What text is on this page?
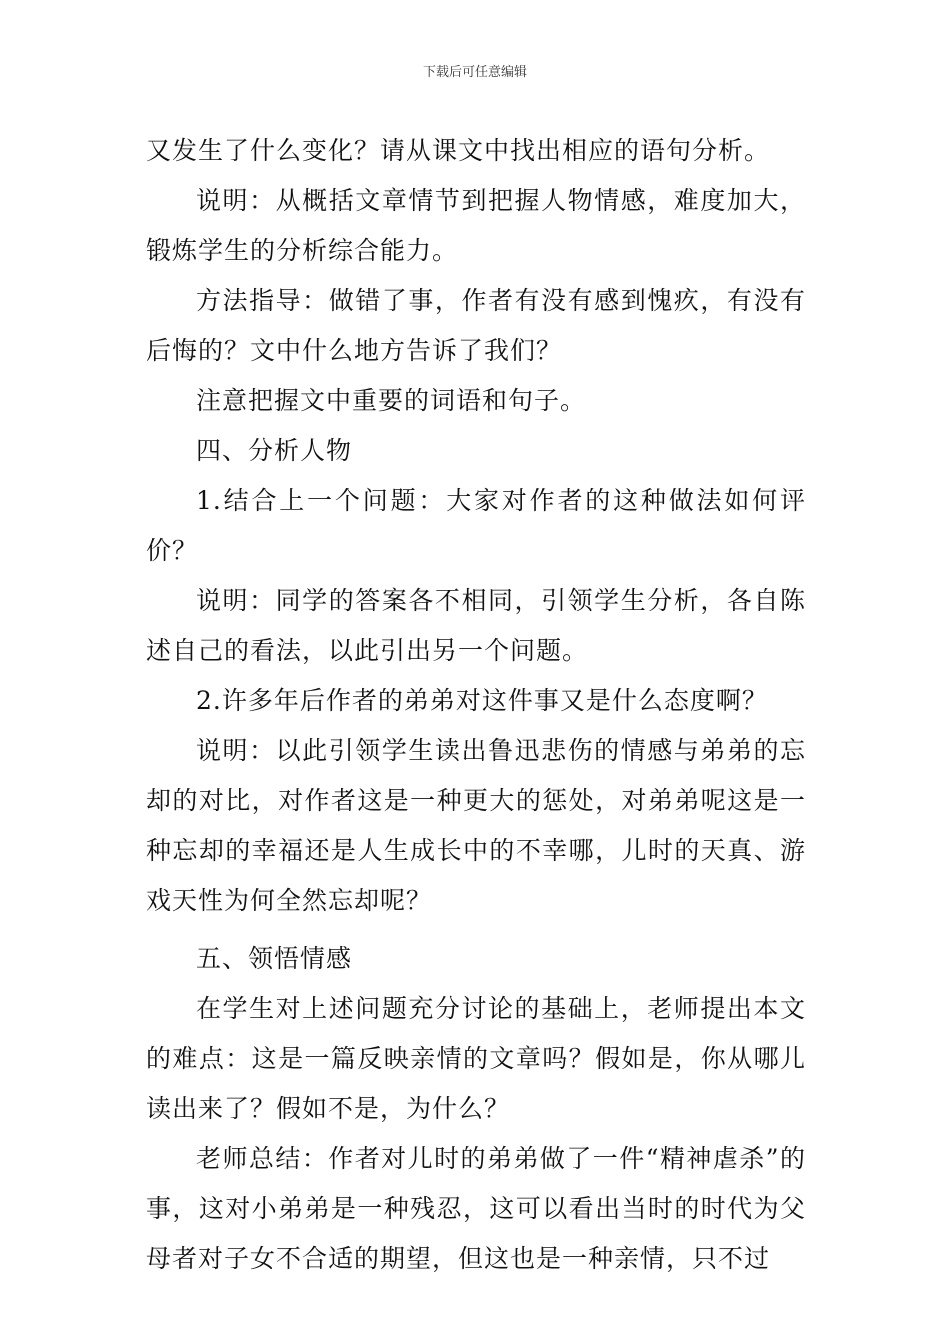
下载后可任意编辑

又发生了什么变化？请从课文中找出相应的语句分析。

说明：从概括文章情节到把握人物情感，难度加大，锻炼学生的分析综合能力。

方法指导：做错了事，作者有没有感到愧疚，有没有后悔的？文中什么地方告诉了我们？

注意把握文中重要的词语和句子。

四、分析人物

1.结合上一个问题：大家对作者的这种做法如何评价？

说明：同学的答案各不相同，引领学生分析，各自陈述自己的看法，以此引出另一个问题。

2.许多年后作者的弟弟对这件事又是什么态度啊？

说明：以此引领学生读出鲁迅悲伤的情感与弟弟的忘却的对比，对作者这是一种更大的惩处，对弟弟呢这是一种忘却的幸福还是人生成长中的不幸哪，儿时的天真、游戏天性为何全然忘却呢？

五、领悟情感

在学生对上述问题充分讨论的基础上，老师提出本文的难点：这是一篇反映亲情的文章吗？假如是，你从哪儿读出来了？假如不是，为什么？

老师总结：作者对儿时的弟弟做了一件“精神虐杀”的事，这对小弟弟是一种残忍，这可以看出当时的时代为父母者对子女不合适的期望，但这也是一种亲情，只不过
